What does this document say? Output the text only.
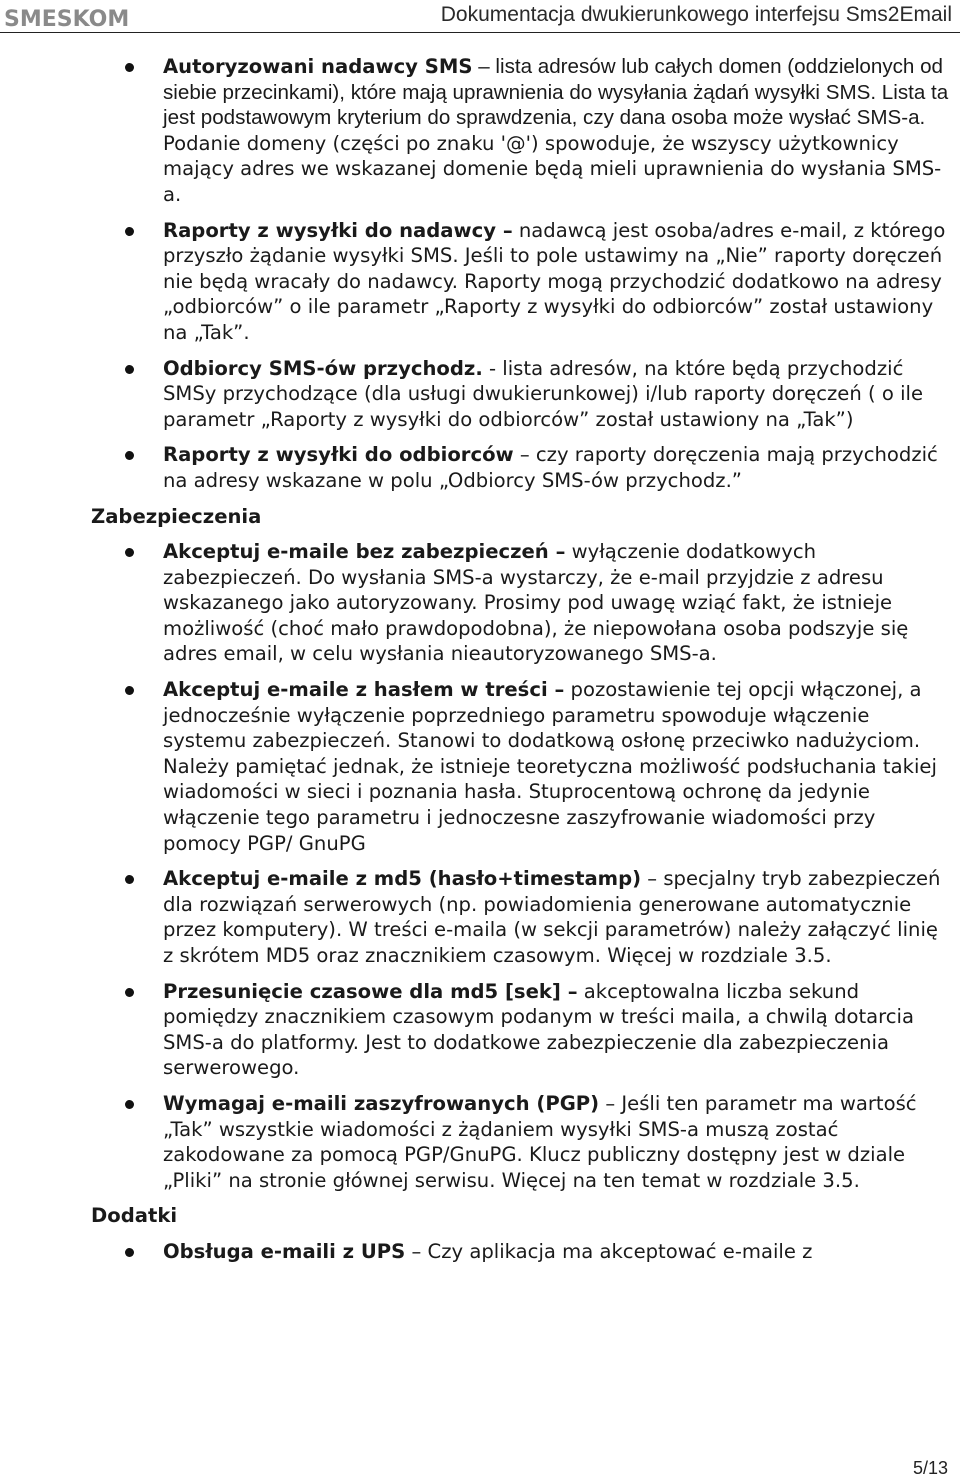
SMESKOM	Dokumentacja dwukierunkowego interfejsu Sms2Email
Autoryzowani nadawcy SMS – lista adresów lub całych domen (oddzielonych od siebie przecinkami), które mają uprawnienia do wysyłania żądań wysyłki SMS. Lista ta jest podstawowym kryterium do sprawdzenia, czy dana osoba może wysłać SMS-a. Podanie domeny (części po znaku '@') spowoduje, że wszyscy użytkownicy mający adres we wskazanej domenie będą mieli uprawnienia do wysłania SMS-a.
Raporty z wysyłki do nadawcy – nadawcą jest osoba/adres e-mail, z którego przyszło żądanie wysyłki SMS. Jeśli to pole ustawimy na „Nie” raporty doręczeń nie będą wracały do nadawcy. Raporty mogą przychodzić dodatkowo na adresy „odbiorców” o ile parametr „Raporty z wysyłki do odbiorców” został ustawiony na „Tak”.
Odbiorcy SMS-ów przychodz. - lista adresów, na które będą przychodzić SMSy przychodzące (dla usługi dwukierunkowej) i/lub raporty doręczeń ( o ile parametr „Raporty z wysyłki do odbiorców” został ustawiony na „Tak”)
Raporty z wysyłki do odbiorców – czy raporty doręczenia mają przychodzić na adresy wskazane w polu „Odbiorcy SMS-ów przychodz.”
Zabezpieczenia
Akceptuj e-maile bez zabezpieczeń – wyłączenie dodatkowych zabezpieczeń. Do wysłania SMS-a wystarczy, że e-mail przyjdzie z adresu wskazanego jako autoryzowany. Prosimy pod uwagę wziąć fakt, że istnieje możliwość (choć mało prawdopodobna), że niepowołana osoba podszyje się adres email, w celu wysłania nieautoryzowanego SMS-a.
Akceptuj e-maile z hasłem w treści – pozostawienie tej opcji włączonej, a jednocześnie wyłączenie poprzedniego parametru spowoduje włączenie systemu zabezpieczeń. Stanowi to dodatkową osłonę przeciwko nadużyciom. Należy pamiętać jednak, że istnieje teoretyczna możliwość podsłuchania takiej wiadomości w sieci i poznania hasła. Stuprocentową ochronę da jedynie włączenie tego parametru i jednoczesne zaszyfrowanie wiadomości przy pomocy PGP/ GnuPG
Akceptuj e-maile z md5 (hasło+timestamp) – specjalny tryb zabezpieczeń dla rozwiązań serwerowych (np. powiadomienia generowane automatycznie przez komputery). W treści e-maila (w sekcji parametrów) należy załączyć linię z skrótem MD5 oraz znacznikiem czasowym. Więcej w rozdziale 3.5.
Przesunięcie czasowe dla md5 [sek] – akceptowalna liczba sekund pomiędzy znacznikiem czasowym podanym w treści maila, a chwilą dotarcia SMS-a do platformy. Jest to dodatkowe zabezpieczenie dla zabezpieczenia serwerowego.
Wymagaj e-maili zaszyfrowanych (PGP) – Jeśli ten parametr ma wartość „Tak” wszystkie wiadomości z żądaniem wysyłki SMS-a muszą zostać zakodowane za pomocą PGP/GnuPG. Klucz publiczny dostępny jest w dziale „Pliki” na stronie głównej serwisu. Więcej na ten temat w rozdziale 3.5.
Dodatki
Obsługa e-maili z UPS – Czy aplikacja ma akceptować e-maile z
5/13
